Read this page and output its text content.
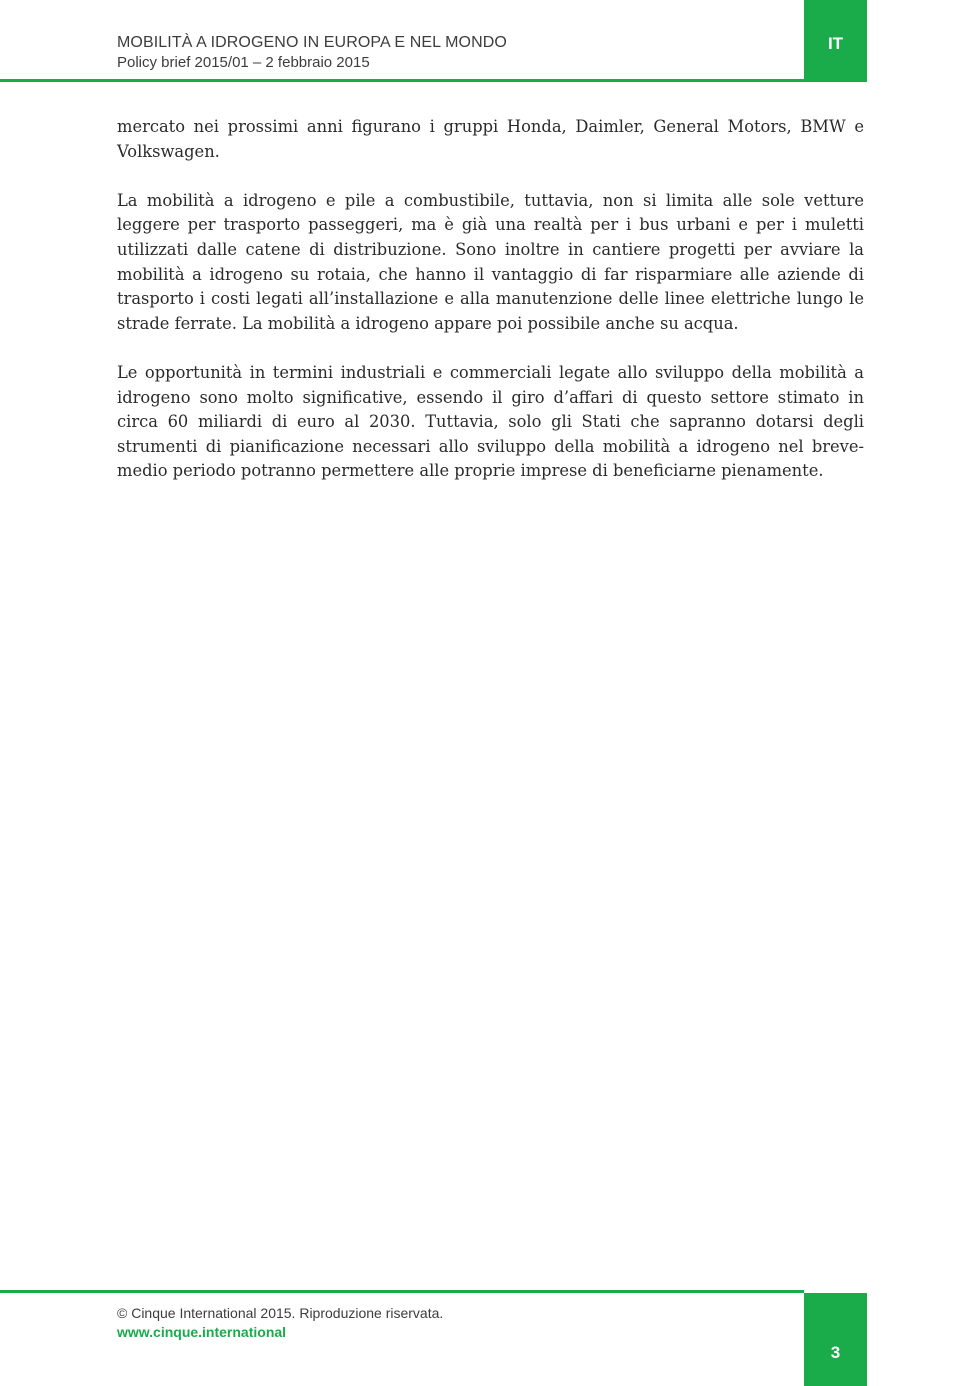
MOBILITÀ A IDROGENO IN EUROPA E NEL MONDO
Policy brief 2015/01 – 2 febbraio 2015
IT

mercato nei prossimi anni figurano i gruppi Honda, Daimler, General Motors, BMW e Volkswagen.

La mobilità a idrogeno e pile a combustibile, tuttavia, non si limita alle sole vetture leggere per trasporto passeggeri, ma è già una realtà per i bus urbani e per i muletti utilizzati dalle catene di distribuzione. Sono inoltre in cantiere progetti per avviare la mobilità a idrogeno su rotaia, che hanno il vantaggio di far risparmiare alle aziende di trasporto i costi legati all’installazione e alla manutenzione delle linee elettriche lungo le strade ferrate. La mobilità a idrogeno appare poi possibile anche su acqua.

Le opportunità in termini industriali e commerciali legate allo sviluppo della mobilità a idrogeno sono molto significative, essendo il giro d’affari di questo settore stimato in circa 60 miliardi di euro al 2030. Tuttavia, solo gli Stati che sapranno dotarsi degli strumenti di pianificazione necessari allo sviluppo della mobilità a idrogeno nel breve-medio periodo potranno permettere alle proprie imprese di beneficiarne pienamente.

© Cinque International 2015. Riproduzione riservata.
www.cinque.international
3
